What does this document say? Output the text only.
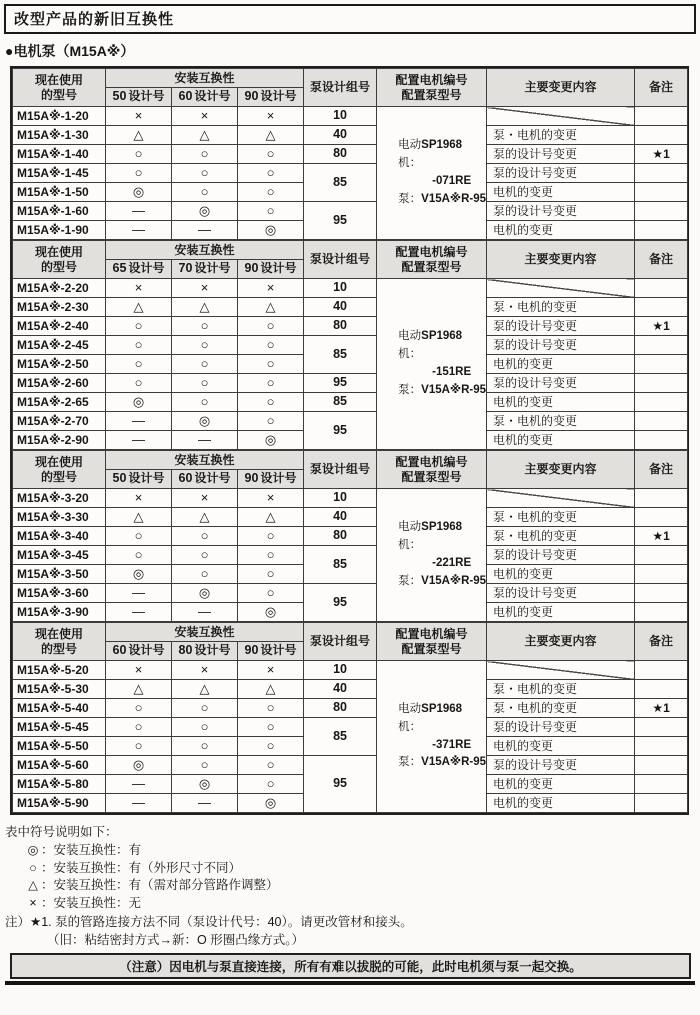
改型产品的新旧互换性
●电机泵（M15A※）
现在使用
的型号	安装互换性			泵设计组号	配置电机编号
配置泵型号	主要变更内容	备注
	50 设计号	60 设计号	90 设计号				
M15A※-1-20	×	×	×	10	电动机：
SP1968
-071RE
泵： V15A※R-95		

M15A※-1-30	△	△	△	40		泵・电机的变更	
M15A※-1-40	○	○	○	80		泵的设计号变更	★1
M15A※-1-45	○	○	○	85		泵的设计号变更	
M15A※-1-50	◎	○	○			电机的变更	
M15A※-1-60	—	◎	○	95		泵的设计号变更	
M15A※-1-90	—	—	◎			电机的变更	
现在使用
的型号	安装互换性			泵设计组号	配置电机编号
配置泵型号	主要变更内容	备注
	65 设计号	70 设计号	90 设计号				
M15A※-2-20	×	×	×	10	电动机：
SP1968
-151RE
泵： V15A※R-95		

M15A※-2-30	△	△	△	40		泵・电机的变更	
M15A※-2-40	○	○	○	80		泵的设计号变更	★1
M15A※-2-45	○	○	○	85		泵的设计号变更	
M15A※-2-50	○	○	○			电机的变更	
M15A※-2-60	○	○	○	95		泵的设计号变更	
M15A※-2-65	◎	○	○	85		电机的变更	
M15A※-2-70	—	◎	○	95		泵・电机的变更	
M15A※-2-90	—	—	◎			电机的变更	
现在使用
的型号	安装互换性			泵设计组号	配置电机编号
配置泵型号	主要变更内容	备注
	50 设计号	60 设计号	90 设计号				
M15A※-3-20	×	×	×	10	电动机：
SP1968
-221RE
泵： V15A※R-95		

M15A※-3-30	△	△	△	40		泵・电机的变更	
M15A※-3-40	○	○	○	80		泵・电机的变更	★1
M15A※-3-45	○	○	○	85		泵的设计号变更	
M15A※-3-50	◎	○	○			电机的变更	
M15A※-3-60	—	◎	○	95		泵的设计号变更	
M15A※-3-90	—	—	◎			电机的变更	
现在使用
的型号	安装互换性			泵设计组号	配置电机编号
配置泵型号	主要变更内容	备注
	60 设计号	80 设计号	90 设计号				
M15A※-5-20	×	×	×	10	电动机：
SP1968
-371RE
泵： V15A※R-95		

M15A※-5-30	△	△	△	40		泵・电机的变更	
M15A※-5-40	○	○	○	80		泵・电机的变更	★1
M15A※-5-45	○	○	○	85		泵的设计号变更	
M15A※-5-50	○	○	○			电机的变更	
M15A※-5-60	◎	○	○	95		泵的设计号变更	
M15A※-5-80	—	◎	○			电机的变更	
M15A※-5-90	—	—	◎			电机的变更	
表中符号说明如下：
◎ ：安装互换性：有
○ ：安装互换性：有（外形尺寸不同）
△ ：安装互换性：有（需对部分管路作调整）
× ：安装互换性：无
注）★1. 泵的管路连接方法不同（泵设计代号：40）。请更改管材和接头。
（旧：粘结密封方式→新：O 形圈凸缘方式。）
（注意）因电机与泵直接连接，所有有难以拔脱的可能，此时电机须与泵一起交换。
